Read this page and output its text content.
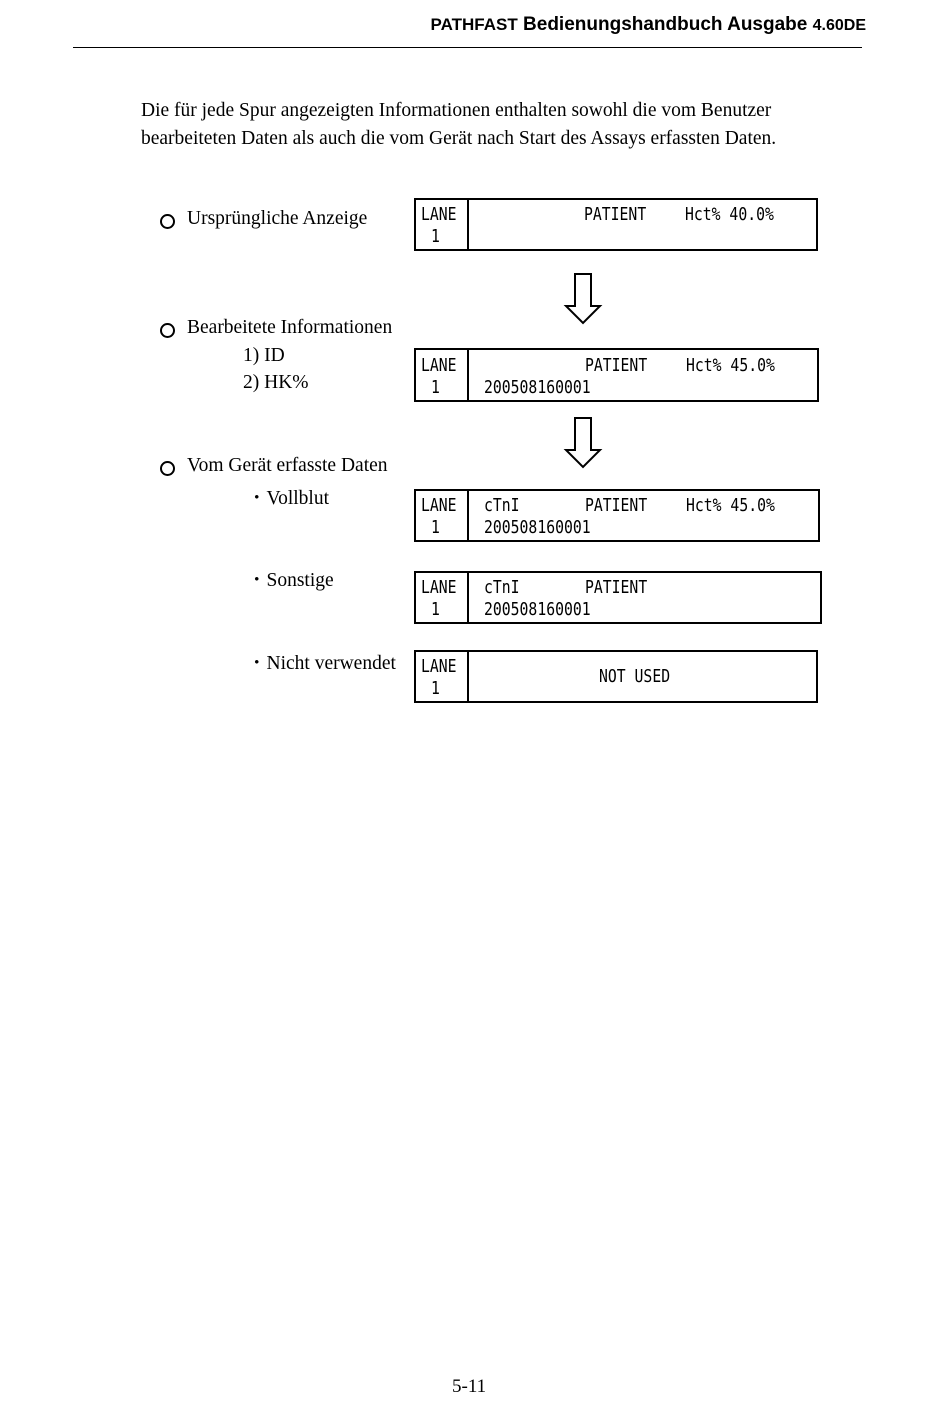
PATHFAST Bedienungshandbuch Ausgabe 4.60DE

Die für jede Spur angezeigten Informationen enthalten sowohl die vom Benutzer

bearbeiteten Daten als auch die vom Gerät nach Start des Assays erfassten Daten.

Ursprüngliche Anzeige	LANE
1
PATIENT Hct% 40.0%
Bearbeitete Informationen
1) ID
2) HK%
LANE
1
PATIENT Hct% 45.0%
200508160001
Vom Gerät erfasste Daten
・Vollblut	LANE
1
cTnI	PATIENT Hct% 45.0%
200508160001
・Sonstige	LANE
1
cTnI	PATIENT
200508160001
・Nicht verwendet LANE
1
NOT USED
5-11
